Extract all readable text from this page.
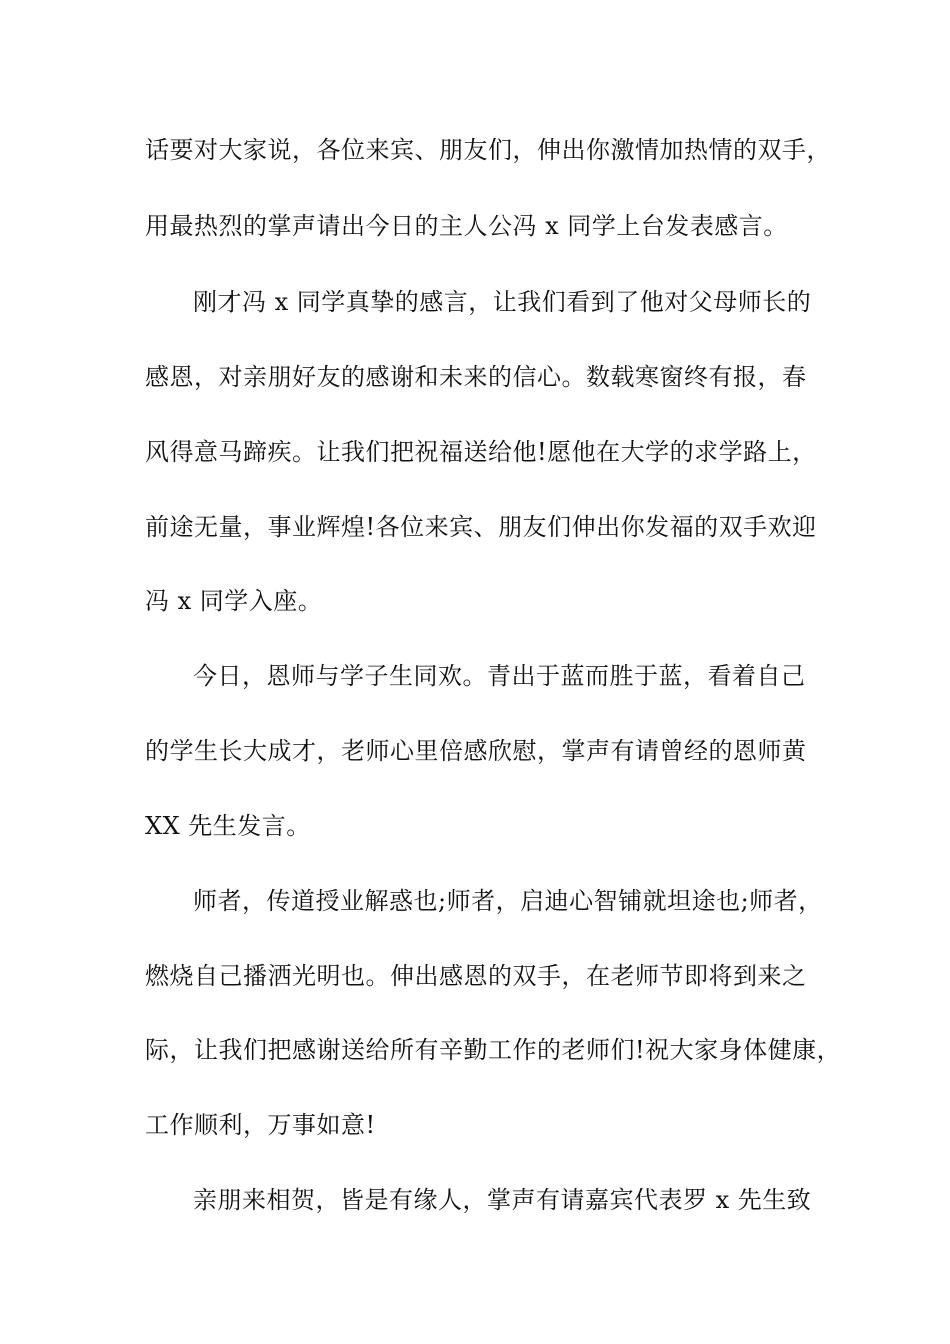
话要对大家说，各位来宾、朋友们，伸出你激情加热情的双手，
用最热烈的掌声请出今日的主人公冯 x 同学上台发表感言。
刚才冯 x 同学真挚的感言，让我们看到了他对父母师长的
感恩，对亲朋好友的感谢和未来的信心。数载寒窗终有报，春
风得意马蹄疾。让我们把祝福送给他!愿他在大学的求学路上，
前途无量，事业辉煌!各位来宾、朋友们伸出你发福的双手欢迎
冯 x 同学入座。
今日，恩师与学子生同欢。青出于蓝而胜于蓝，看着自己
的学生长大成才，老师心里倍感欣慰，掌声有请曾经的恩师黄
XX 先生发言。
师者，传道授业解惑也;师者，启迪心智铺就坦途也;师者，
燃烧自己播洒光明也。伸出感恩的双手，在老师节即将到来之
际，让我们把感谢送给所有辛勤工作的老师们!祝大家身体健康，
工作顺利，万事如意!
亲朋来相贺，皆是有缘人，掌声有请嘉宾代表罗 x 先生致
